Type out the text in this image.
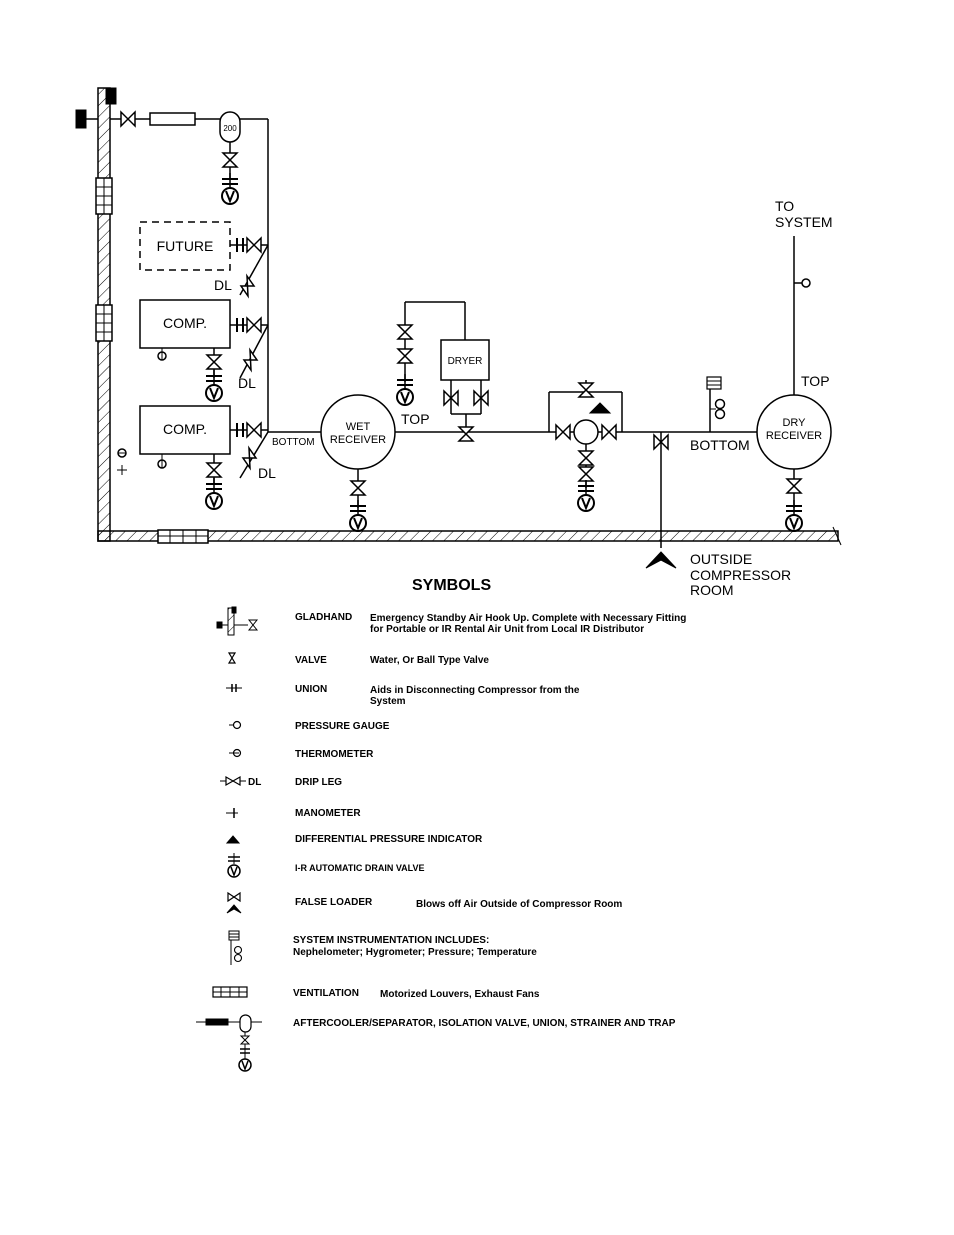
200
FUTURE
DL
COMP.
DL
COMP.
DL
BOTTOM
WET
RECEIVER
TOP
DRYER
OUTSIDE
COMPRESSOR
ROOM
BOTTOM
DRY
RECEIVER
TOP
TO
SYSTEM
SYMBOLS
DL
GLADHAND Emergency Standby Air Hook Up. Complete with Necessary Fitting
for Portable or IR Rental Air Unit from Local IR Distributor
VALVE	Water, Or Ball Type Valve
UNION	Aids in Disconnecting Compressor from the
System
PRESSURE GAUGE
THERMOMETER
DRIP LEG
MANOMETER
DIFFERENTIAL PRESSURE INDICATOR
I-R AUTOMATIC DRAIN VALVE
FALSE LOADER	Blows off Air Outside of Compressor Room
SYSTEM INSTRUMENTATION INCLUDES:
Nephelometer; Hygrometer; Pressure; Temperature
VENTILATION Motorized Louvers, Exhaust Fans
AFTERCOOLER/SEPARATOR, ISOLATION VALVE, UNION, STRAINER AND TRAP
